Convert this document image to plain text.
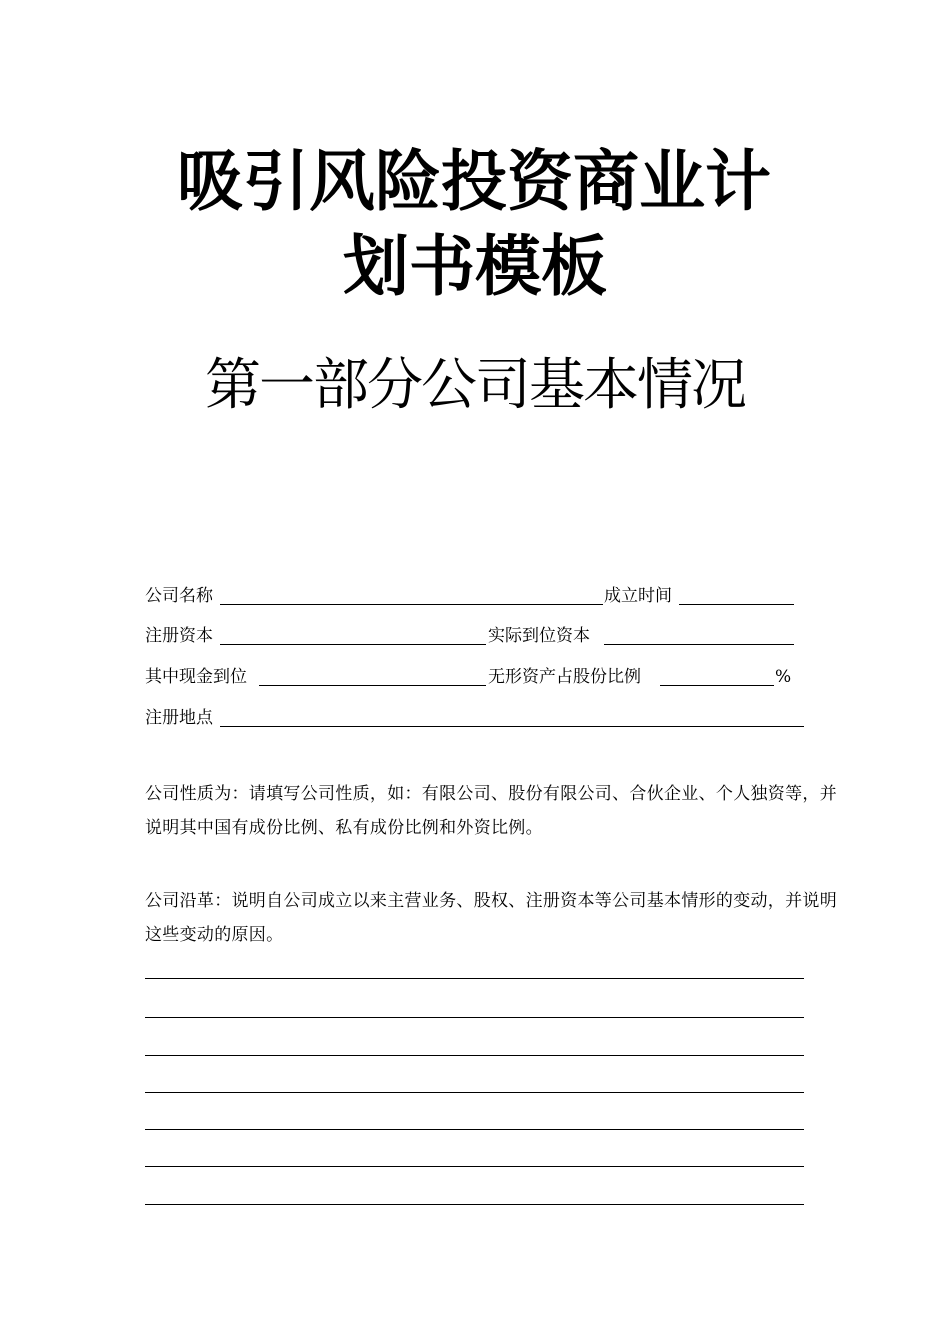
吸引风险投资商业计
划书模板
第一部分公司基本情况
公司名称	成立时间
注册资本	实际到位资本
其中现金到位	无形资产占股份比例	%
注册地点

公司性质为：请填写公司性质，如：有限公司、股份有限公司、合伙企业、个人独资等，并说明其中国有成份比例、私有成份比例和外资比例。

公司沿革：说明自公司成立以来主营业务、股权、注册资本等公司基本情形的变动，并说明这些变动的原因。
